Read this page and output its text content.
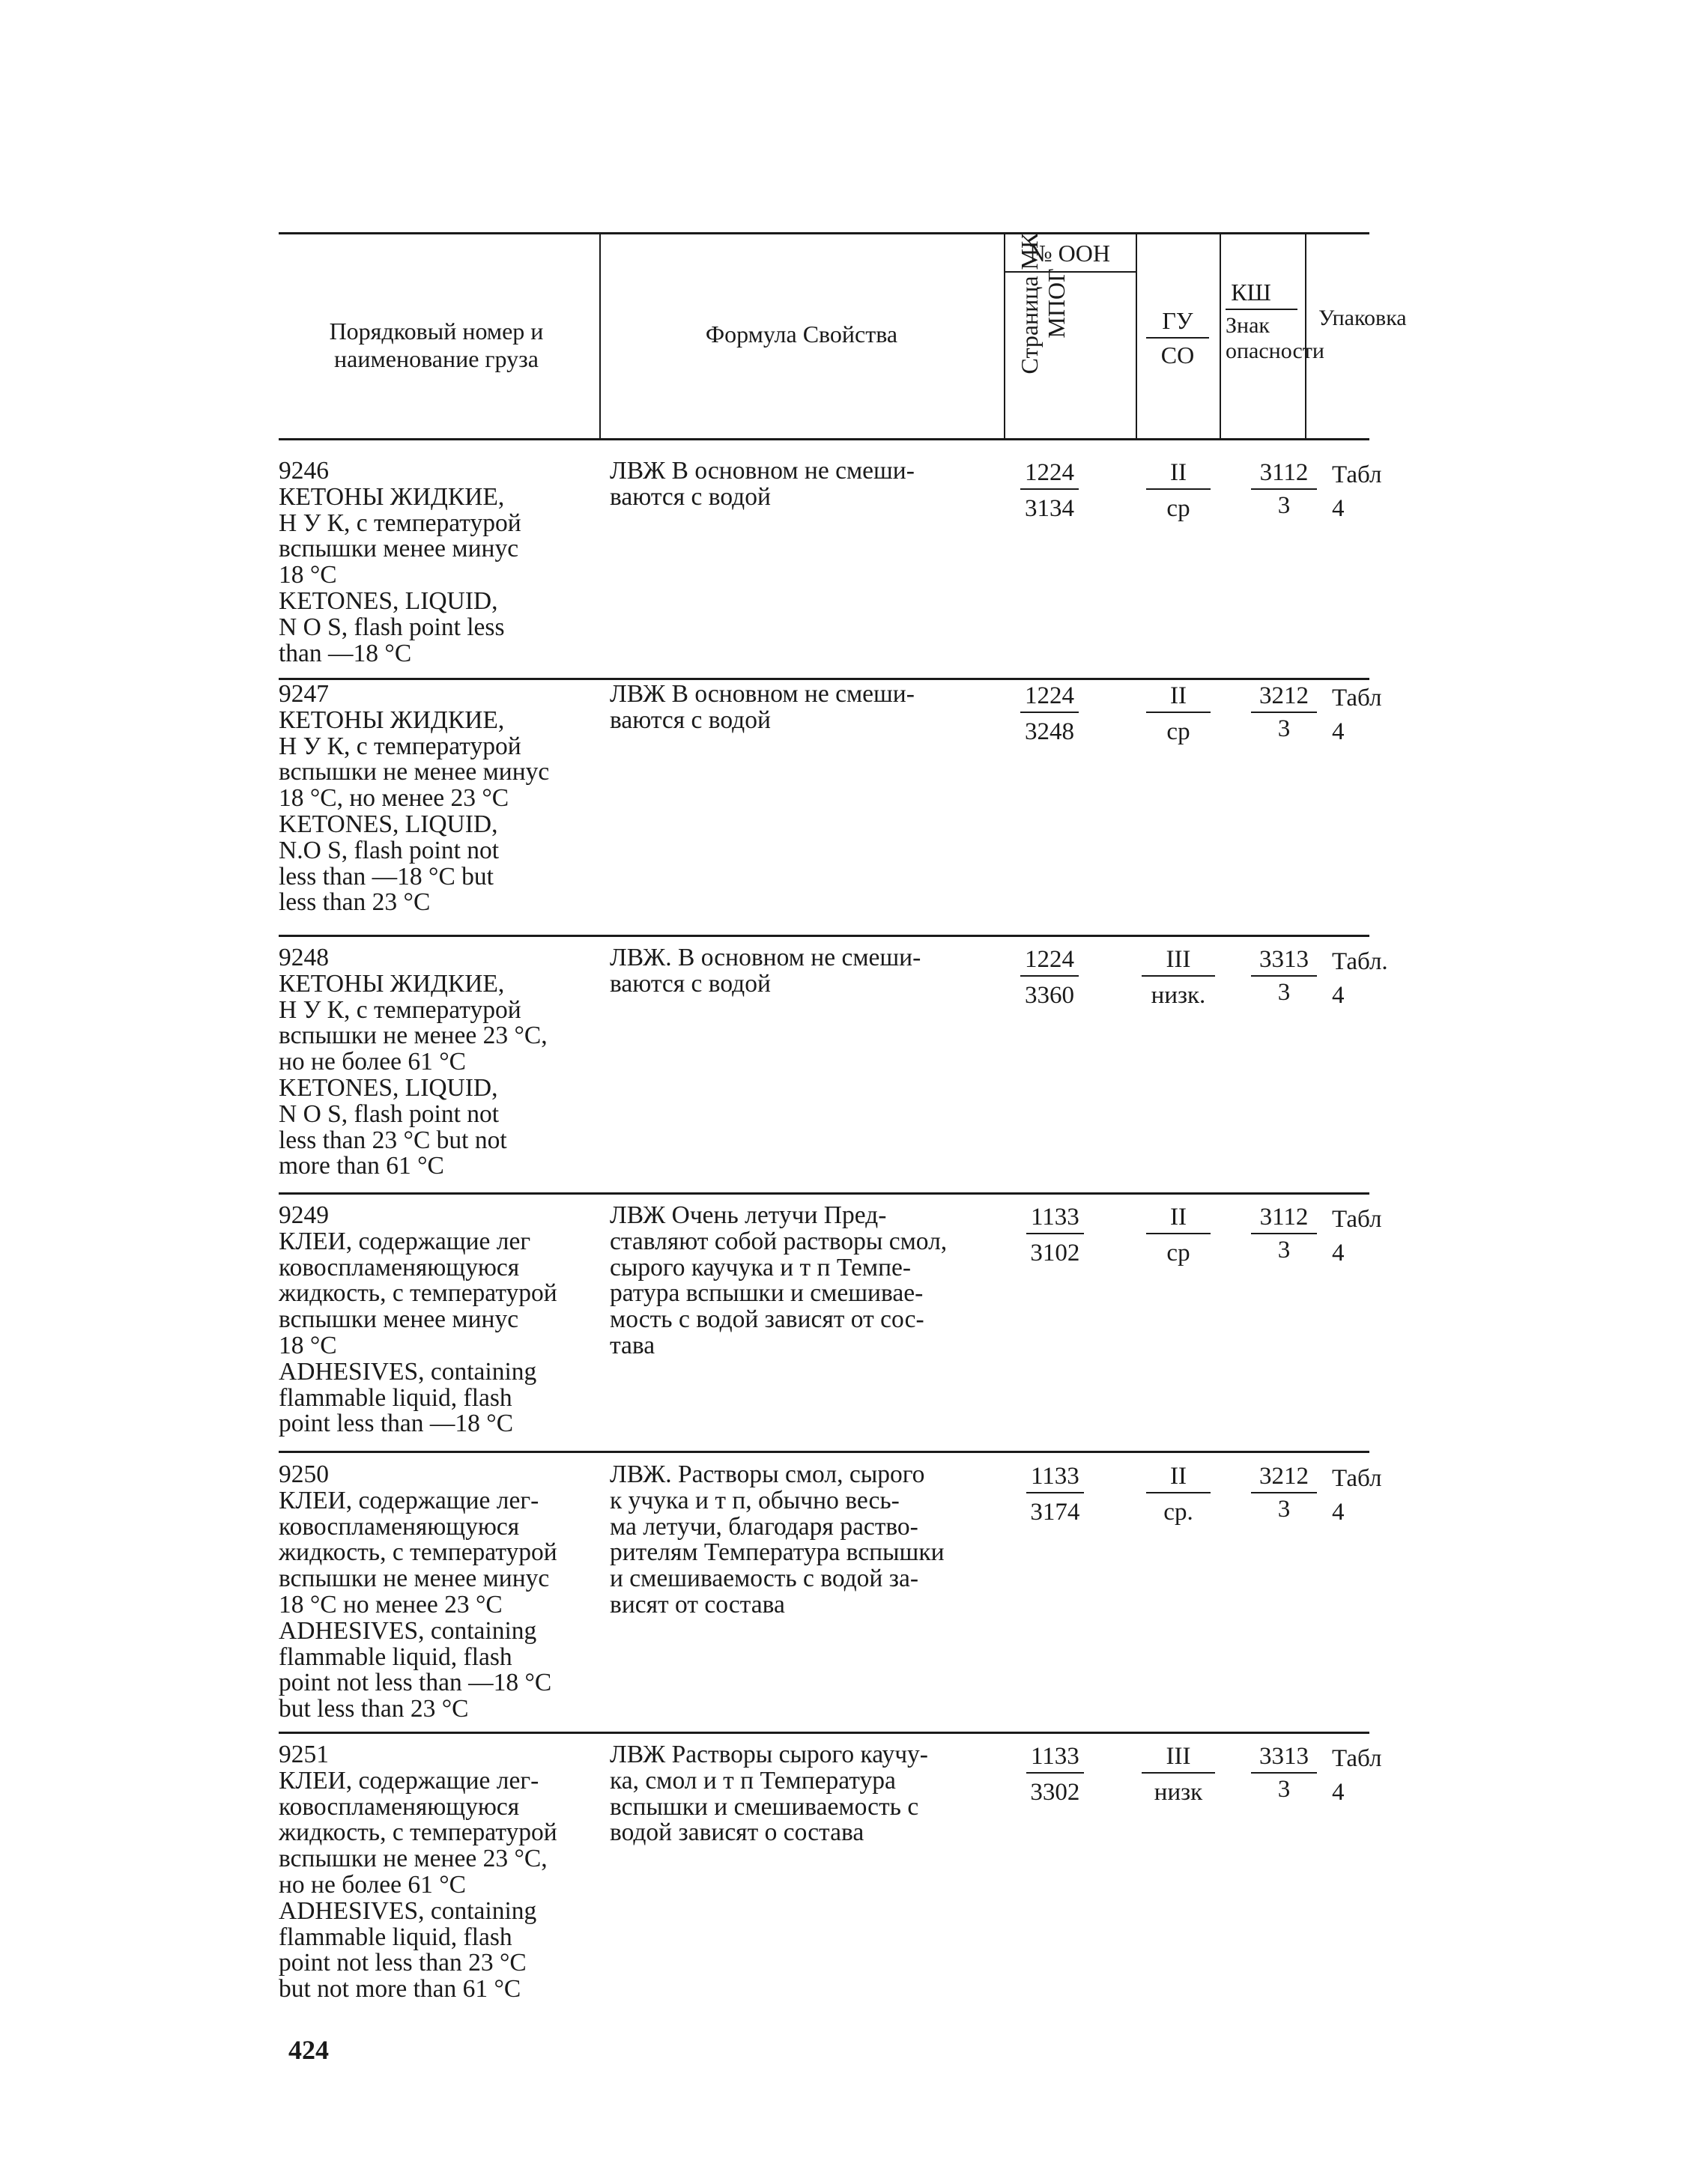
Порядковый номер и наименование груза
Формула Свойства
№ ООН
Страница МК МПОГ	ГУ
СО
КШ
Знак опасности
Упаковка
9246
КЕТОНЫ ЖИДКИЕ,
Н У К, с температурой
вспышки менее минус
18 °С
KETONES, LIQUID,
N O S, flash point less
than —18 °С
ЛВЖ В основном не смеши-
ваются с водой
1224
3134
II
ср
3112
3
Табл
4
9247
КЕТОНЫ ЖИДКИЕ,
Н У К, с температурой
вспышки не менее минус
18 °С, но менее 23 °С
KETONES, LIQUID,
N.O S, flash point not
less than —18 °С but
less than 23 °С
ЛВЖ В основном не смеши-
ваются с водой
1224
3248
II
ср
3212
3
Табл
4
9248
КЕТОНЫ ЖИДКИЕ,
Н У К, с температурой
вспышки не менее 23 °С,
но не более 61 °С
KETONES, LIQUID,
N O S, flash point not
less than 23 °С but not
more than 61 °С
ЛВЖ. В основном не смеши-
ваются с водой
1224
3360
III
низк.
3313
3
Табл.
4
9249
КЛЕИ, содержащие лег
ковоспламеняющуюся
жидкость, с температурой
вспышки менее минус
18 °С
ADHESIVES, containing
flammable liquid, flash
point less than —18 °С
ЛВЖ Очень летучи Пред-
ставляют собой растворы смол,
сырого каучука и т п Темпе-
ратура вспышки и смешивае-
мость с водой зависят от сос-
тава
1133
3102
II
ср
3112
3
Табл
4
9250
КЛЕИ, содержащие лег-
ковоспламеняющуюся
жидкость, с температурой
вспышки не менее минус
18 °С но менее 23 °С
ADHESIVES, containing
flammable liquid, flash
point not less than —18 °С
but less than 23 °С
ЛВЖ. Растворы смол, сырого
к учука и т п, обычно весь-
ма летучи, благодаря раство-
рителям Температура вспышки
и смешиваемость с водой за-
висят от состава
1133
3174
II
ср.
3212
3
Табл
4
9251
КЛЕИ, содержащие лег-
ковоспламеняющуюся
жидкость, с температурой
вспышки не менее 23 °С,
но не более 61 °С
ADHESIVES, containing
flammable liquid, flash
point not less than 23 °С
but not more than 61 °С
ЛВЖ Растворы сырого каучу-
ка, смол и т п Температура
вспышки и смешиваемость с
водой зависят о состава
1133
3302
III
низк
3313
3
Табл
4
424
